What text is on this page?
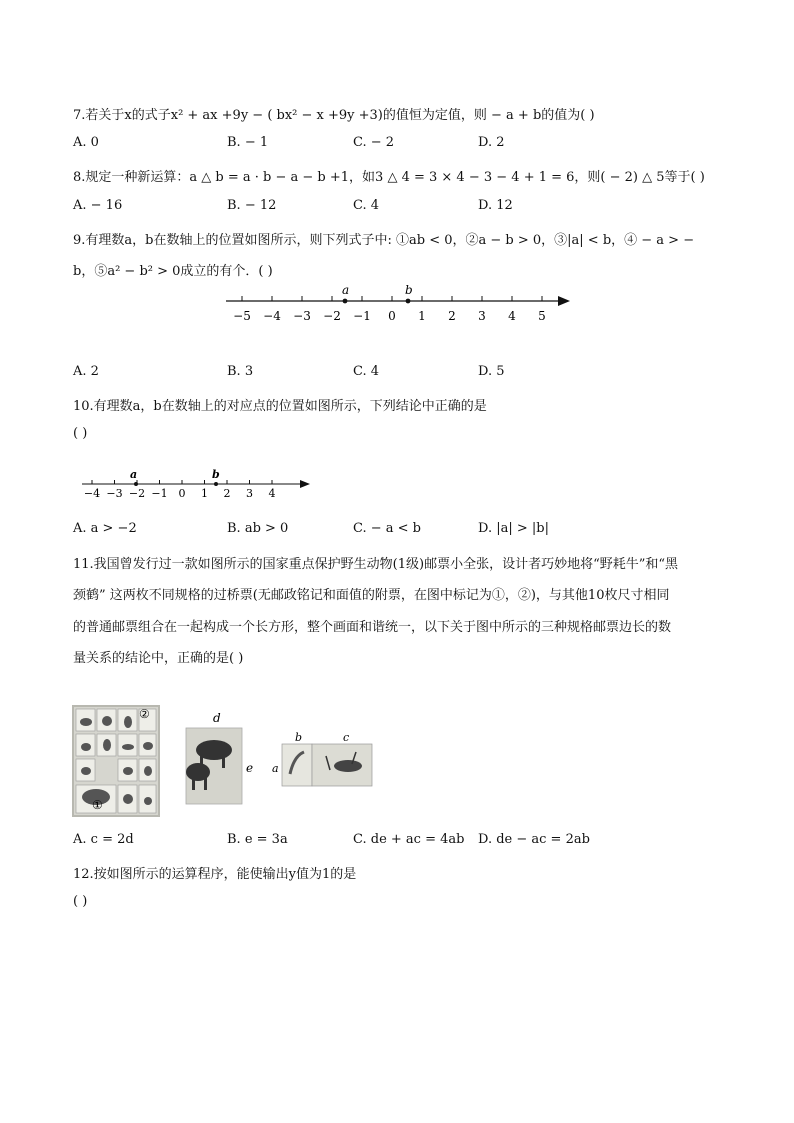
7.若关于x的式子x² + ax +9y − ( bx² − x +9y +3)的值恒为定值，则 − a + b的值为( )
A. 0	B. − 1	C. − 2	D. 2
8.规定一种新运算：a △ b = a · b − a − b +1，如3 △ 4 = 3 × 4 − 3 − 4 + 1 = 6，则( − 2) △ 5等于( )
A. − 16	B. − 12	C. 4	D. 12
9.有理数a，b在数轴上的位置如图所示，则下列式子中: ①ab < 0，②a − b > 0，③|a| < b，④ − a > −
b，⑤a² − b² > 0成立的有个．( )
−5 −4 −3 −2 −1 0 1 2 3 4 5
a	b
A. 2	B. 3	C. 4	D. 5
10.有理数a，b在数轴上的对应点的位置如图所示，下列结论中正确的是
( )
−4 −3 −2 −1 0 1 2 3 4
a	b
A. a > −2	B. ab > 0	C. − a < b	D. |a| > |b|
11.我国曾发行过一款如图所示的国家重点保护野生动物(1级)邮票小全张，设计者巧妙地将“野耗牛”和“黑
颈鹤” 这两枚不同规格的过桥票(无邮政铭记和面值的附票，在图中标记为①，②)，与其他10枚尺寸相同
的普通邮票组合在一起构成一个长方形，整个画面和谐统一，以下关于图中所示的三种规格邮票边长的数
量关系的结论中，正确的是( )
②
①
d
e
b	c
a
A. c = 2d	B. e = 3a	C. de + ac = 4ab D. de − ac = 2ab
12.按如图所示的运算程序，能使输出y值为1的是
( )
